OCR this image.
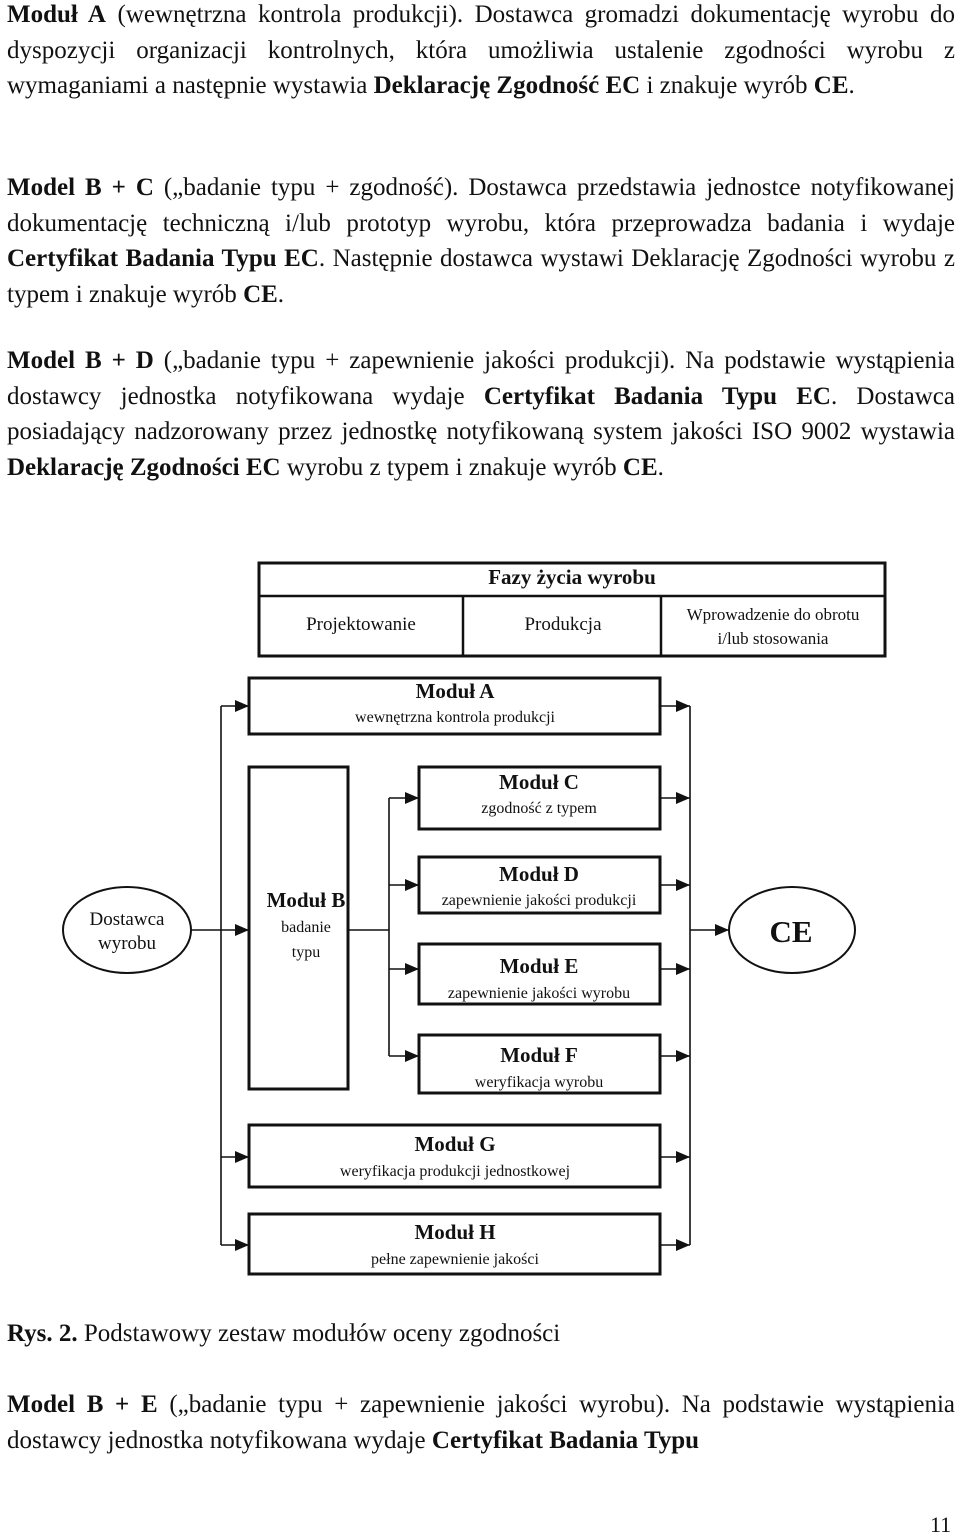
Moduł A (wewnętrzna kontrola produkcji). Dostawca gromadzi dokumentację wyrobu do dyspozycji organizacji kontrolnych, która umożliwia ustalenie zgodności wyrobu z wymaganiami a następnie wystawia Deklarację Zgodność EC i znakuje wyrób CE.

Model B + C („badanie typu + zgodność). Dostawca przedstawia jednostce notyfikowanej dokumentację techniczną i/lub prototyp wyrobu, która przeprowadza badania i wydaje Certyfikat Badania Typu EC. Następnie dostawca wystawi Deklarację Zgodności wyrobu z typem i znakuje wyrób CE.

Model B + D („badanie typu + zapewnienie jakości produkcji). Na podstawie wystąpienia dostawcy jednostka notyfikowana wydaje Certyfikat Badania Typu EC. Dostawca posiadający nadzorowany przez jednostkę notyfikowaną system jakości ISO 9002 wystawia Deklarację Zgodności EC wyrobu z typem i znakuje wyrób CE.

Fazy życia wyrobu
Projektowanie	Produkcja	Wprowadzenie do obrotu
i/lub stosowania
Dostawca
wyrobu
Moduł A
wewnętrzna kontrola produkcji
Moduł B
badanie
typu
Moduł C
zgodność z typem
Moduł D
zapewnienie jakości produkcji
Moduł E
zapewnienie jakości wyrobu
Moduł F
weryfikacja wyrobu
Moduł G
weryfikacja produkcji jednostkowej
Moduł H
pełne zapewnienie jakości
CE

Rys. 2. Podstawowy zestaw modułów oceny zgodności

Model B + E („badanie typu + zapewnienie jakości wyrobu). Na podstawie wystąpienia dostawcy jednostka notyfikowana wydaje Certyfikat Badania Typu

11
